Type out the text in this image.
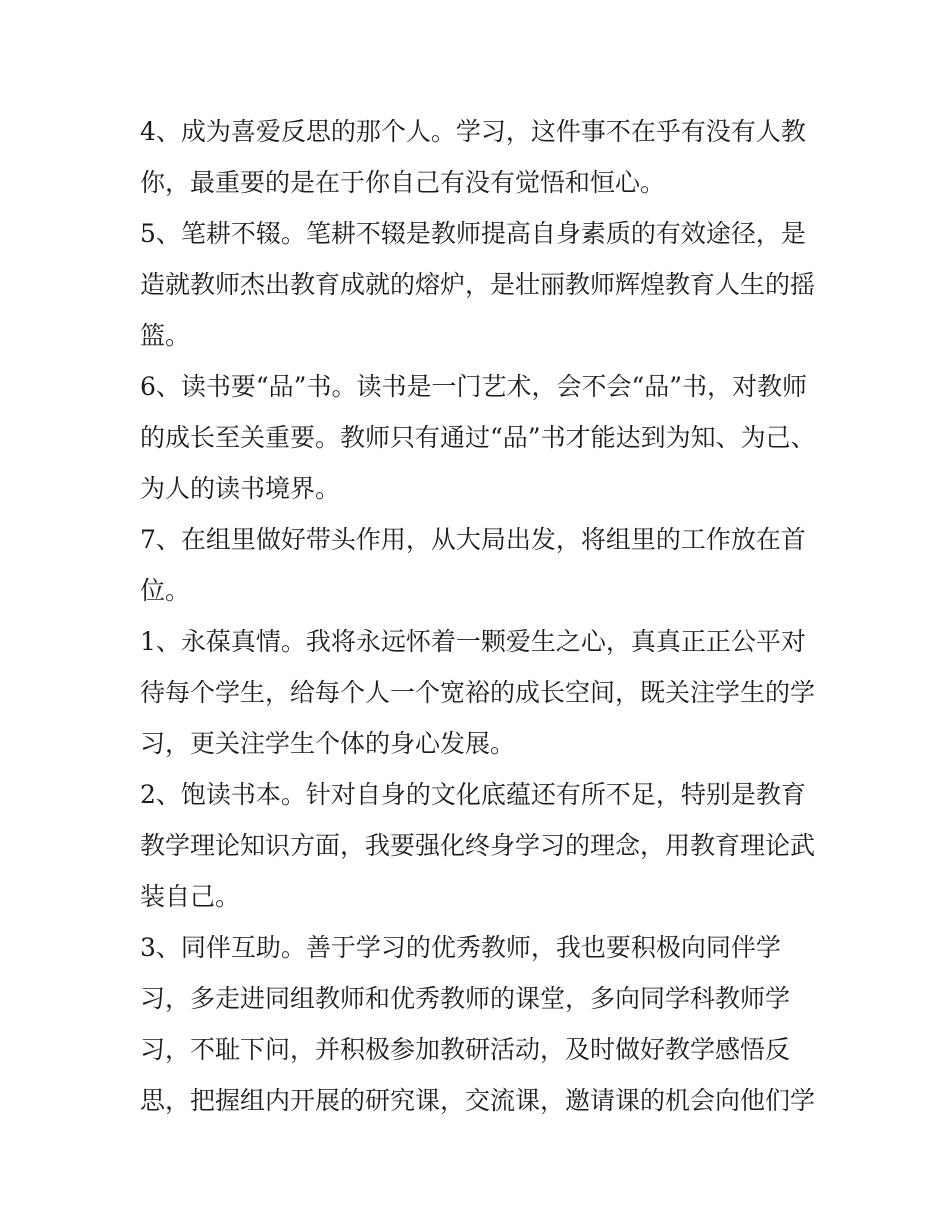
4、成为喜爱反思的那个人。学习，这件事不在乎有没有人教
你，最重要的是在于你自己有没有觉悟和恒心。
5、笔耕不辍。笔耕不辍是教师提高自身素质的有效途径，是
造就教师杰出教育成就的熔炉，是壮丽教师辉煌教育人生的摇
篮。
6、读书要“品”书。读书是一门艺术，会不会“品”书，对教师
的成长至关重要。教师只有通过“品”书才能达到为知、为己、
为人的读书境界。
7、在组里做好带头作用，从大局出发，将组里的工作放在首
位。
1、永葆真情。我将永远怀着一颗爱生之心，真真正正公平对
待每个学生，给每个人一个宽裕的成长空间，既关注学生的学
习，更关注学生个体的身心发展。
2、饱读书本。针对自身的文化底蕴还有所不足，特别是教育
教学理论知识方面，我要强化终身学习的理念，用教育理论武
装自己。
3、同伴互助。善于学习的优秀教师，我也要积极向同伴学
习，多走进同组教师和优秀教师的课堂，多向同学科教师学
习，不耻下问，并积极参加教研活动，及时做好教学感悟反
思，把握组内开展的研究课，交流课，邀请课的机会向他们学
